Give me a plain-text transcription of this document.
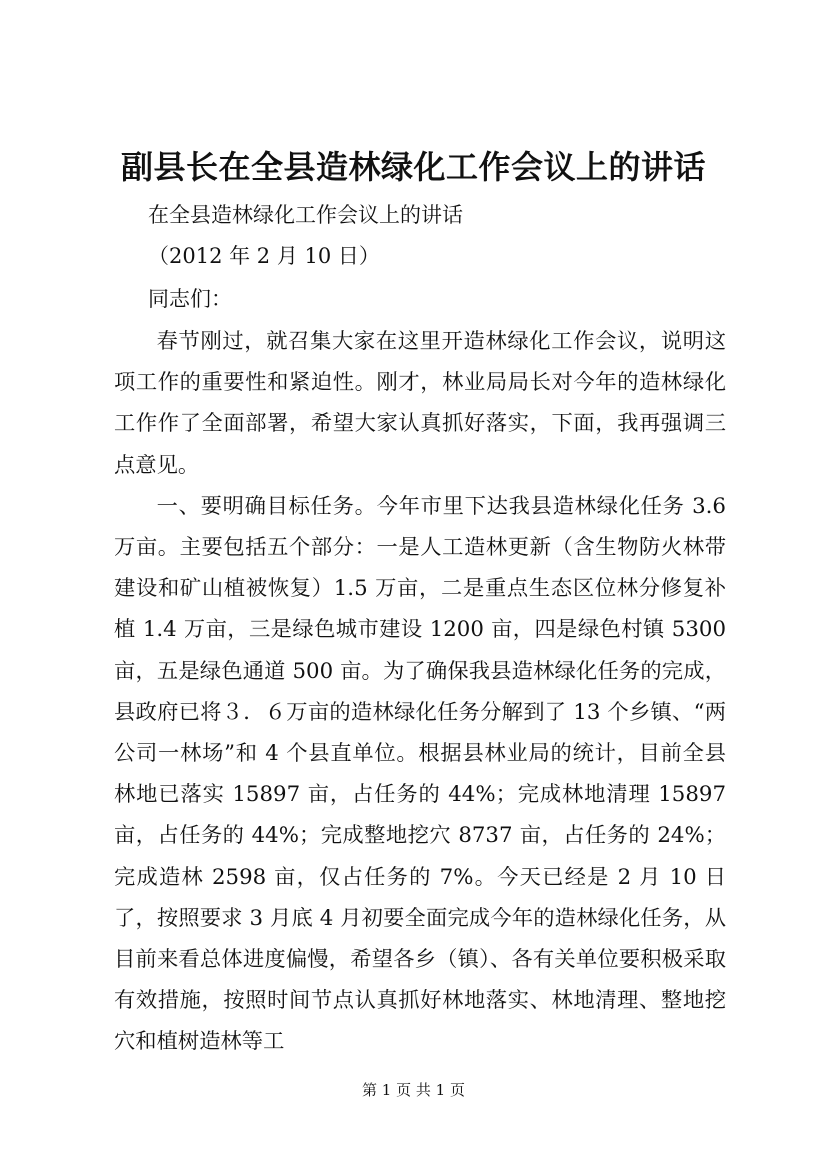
副县长在全县造林绿化工作会议上的讲话
在全县造林绿化工作会议上的讲话
（2012 年 2 月 10 日）
同志们：

春节刚过，就召集大家在这里开造林绿化工作会议，说明这项工作的重要性和紧迫性。刚才，林业局局长对今年的造林绿化工作作了全面部署，希望大家认真抓好落实，下面，我再强调三点意见。

一、要明确目标任务。今年市里下达我县造林绿化任务 3.6 万亩。主要包括五个部分：一是人工造林更新（含生物防火林带建设和矿山植被恢复）1.5 万亩，二是重点生态区位林分修复补植 1.4 万亩，三是绿色城市建设 1200 亩，四是绿色村镇 5300 亩，五是绿色通道 500 亩。为了确保我县造林绿化任务的完成，县政府已将３．６万亩的造林绿化任务分解到了 13 个乡镇、“两公司一林场”和 4 个县直单位。根据县林业局的统计，目前全县林地已落实 15897 亩，占任务的 44%；完成林地清理 15897 亩，占任务的 44%；完成整地挖穴 8737 亩，占任务的 24%；完成造林 2598 亩，仅占任务的 7%。今天已经是 2 月 10 日了，按照要求 3 月底 4 月初要全面完成今年的造林绿化任务，从目前来看总体进度偏慢，希望各乡（镇）、各有关单位要积极采取有效措施，按照时间节点认真抓好林地落实、林地清理、整地挖穴和植树造林等工

第 1 页 共 1 页
